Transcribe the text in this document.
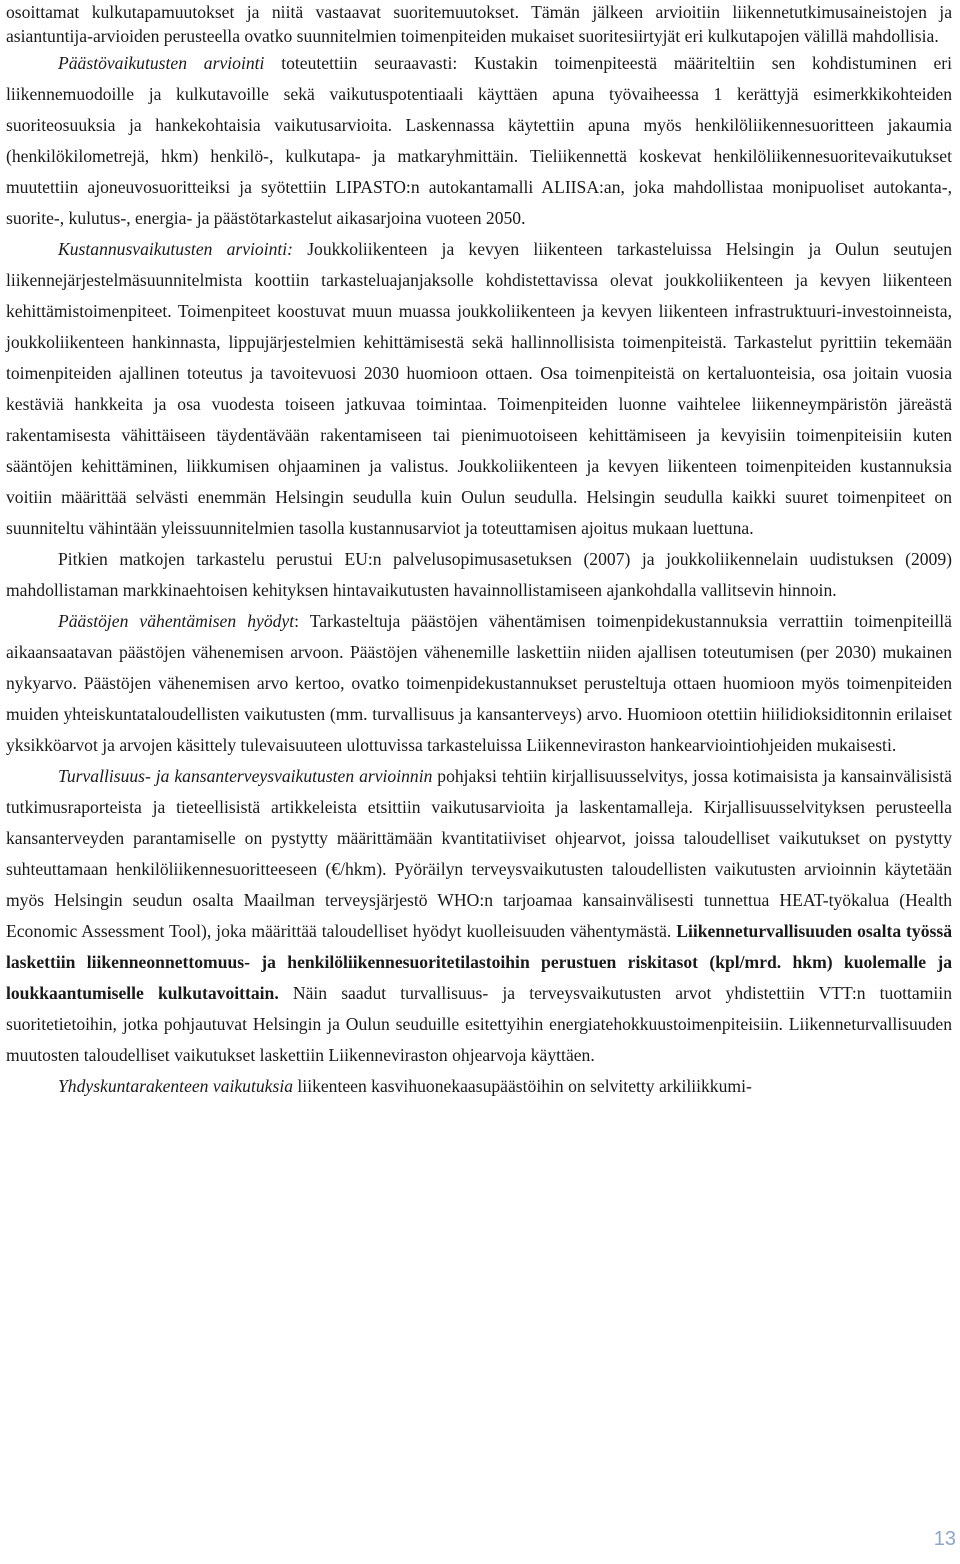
osoittamat kulkutapamuutokset ja niitä vastaavat suoritemuutokset. Tämän jälkeen arvioitiin liikennetutkimusaineistojen ja asiantuntija-arvioiden perusteella ovatko suunnitelmien toimenpiteiden mukaiset suoritesiirtyjät eri kulkutapojen välillä mahdollisia.

Päästövaikutusten arviointi toteutettiin seuraavasti: Kustakin toimenpiteestä määriteltiin sen kohdistuminen eri liikennemuodoille ja kulkutavoille sekä vaikutuspotentiaali käyttäen apuna työvaiheessa 1 kerättyjä esimerkkikohteiden suoriteosuuksia ja hankekohtaisia vaikutusarvioita. Laskennassa käytettiin apuna myös henkilöliikennesuoritteen jakaumia (henkilökilometrejä, hkm) henkilö-, kulkutapa- ja matkaryhmittäin. Tieliikennettä koskevat henkilöliikennesuoritevaikutukset muutettiin ajoneuvosuoritteiksi ja syötettiin LIPASTO:n autokantamalli ALIISA:an, joka mahdollistaa monipuoliset autokanta-, suorite-, kulutus-, energia- ja päästötarkastelut aikasarjoina vuoteen 2050.

Kustannusvaikutusten arviointi: Joukkoliikenteen ja kevyen liikenteen tarkasteluissa Helsingin ja Oulun seutujen liikennejärjestelmäsuunnitelmista koottiin tarkasteluajanjaksolle kohdistettavissa olevat joukkoliikenteen ja kevyen liikenteen kehittämistoimenpiteet. Toimenpiteet koostuvat muun muassa joukkoliikenteen ja kevyen liikenteen infrastruktuuri-investoinneista, joukkoliikenteen hankinnasta, lippujärjestelmien kehittämisestä sekä hallinnollisista toimenpiteistä. Tarkastelut pyrittiin tekemään toimenpiteiden ajallinen toteutus ja tavoitevuosi 2030 huomioon ottaen. Osa toimenpiteistä on kertaluonteisia, osa joitain vuosia kestäviä hankkeita ja osa vuodesta toiseen jatkuvaa toimintaa. Toimenpiteiden luonne vaihtelee liikenneympäristön järeästä rakentamisesta vähittäiseen täydentävään rakentamiseen tai pienimuotoiseen kehittämiseen ja kevyisiin toimenpiteisiin kuten sääntöjen kehittäminen, liikkumisen ohjaaminen ja valistus. Joukkoliikenteen ja kevyen liikenteen toimenpiteiden kustannuksia voitiin määrittää selvästi enemmän Helsingin seudulla kuin Oulun seudulla. Helsingin seudulla kaikki suuret toimenpiteet on suunniteltu vähintään yleissuunnitelmien tasolla kustannusarviot ja toteuttamisen ajoitus mukaan luettuna.

Pitkien matkojen tarkastelu perustui EU:n palvelusopimusasetuksen (2007) ja joukkoliikennelain uudistuksen (2009) mahdollistaman markkinaehtoisen kehityksen hintavaikutusten havainnollistamiseen ajankohdalla vallitsevin hinnoin.

Päästöjen vähentämisen hyödyt: Tarkasteltuja päästöjen vähentämisen toimenpidekustannuksia verrattiin toimenpiteillä aikaansaatavan päästöjen vähenemisen arvoon. Päästöjen vähenemille laskettiin niiden ajallisen toteutumisen (per 2030) mukainen nykyarvo. Päästöjen vähenemisen arvo kertoo, ovatko toimenpidekustannukset perusteltuja ottaen huomioon myös toimenpiteiden muiden yhteiskuntataloudellisten vaikutusten (mm. turvallisuus ja kansanterveys) arvo. Huomioon otettiin hiilidioksiditonnin erilaiset yksikköarvot ja arvojen käsittely tulevaisuuteen ulottuvissa tarkasteluissa Liikenneviraston hankearviointiohjeiden mukaisesti.

Turvallisuus- ja kansanterveysvaikutusten arvioinnin pohjaksi tehtiin kirjallisuusselvitys, jossa kotimaisista ja kansainvälisistä tutkimusraporteista ja tieteellisistä artikkeleista etsittiin vaikutusarvioita ja laskentamalleja. Kirjallisuusselvityksen perusteella kansanterveyden parantamiselle on pystytty määrittämään kvantitatiiviset ohjearvot, joissa taloudelliset vaikutukset on pystytty suhteuttamaan henkilöliikennesuoritteeseen (€/hkm). Pyöräilyn terveysvaikutusten taloudellisten vaikutusten arvioinnin käytetään myös Helsingin seudun osalta Maailman terveysjärjestö WHO:n tarjoamaa kansainvälisesti tunnettua HEAT-työkalua (Health Economic Assessment Tool), joka määrittää taloudelliset hyödyt kuolleisuuden vähentymästä. Liikenneturvallisuuden osalta työssä laskettiin liikenneonnettomuus- ja henkilöliikennesuoritetilastoihin perustuen riskitasot (kpl/mrd. hkm) kuolemalle ja loukkaantumiselle kulkutavoittain. Näin saadut turvallisuus- ja terveysvaikutusten arvot yhdistettiin VTT:n tuottamiin suoritetietoihin, jotka pohjautuvat Helsingin ja Oulun seuduille esitettyihin energiatehokkuustoimenpiteisiin. Liikenneturvallisuuden muutosten taloudelliset vaikutukset laskettiin Liikenneviraston ohjearvoja käyttäen.

Yhdyskuntarakenteen vaikutuksia liikenteen kasvihuonekaasupäästöihin on selvitetty arkiliikkumi-

13
